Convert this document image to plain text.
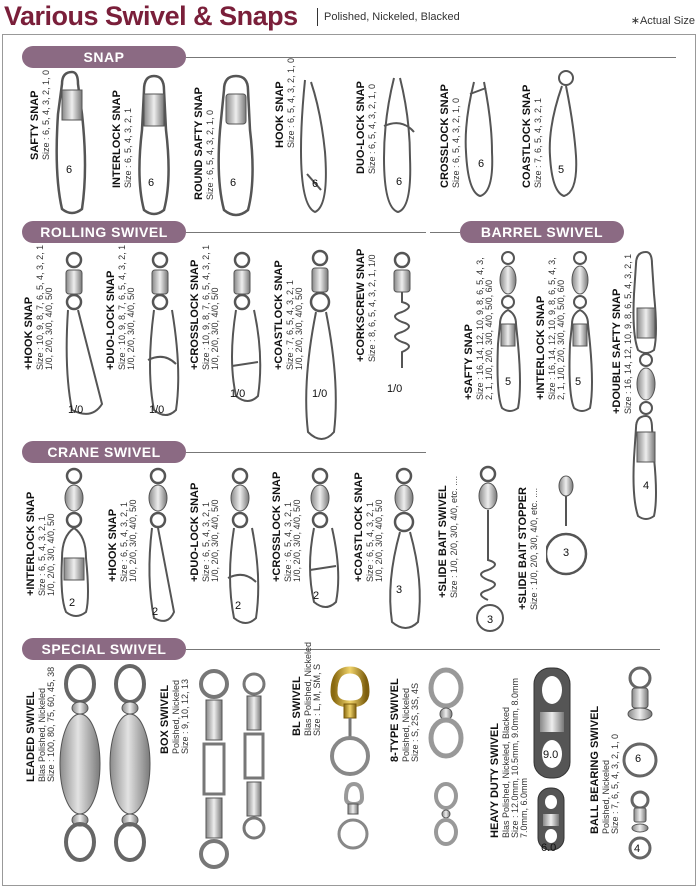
Various Swivel & Snaps	Polished, Nickeled, Blacked	∗Actual Size
SNAP
SAFTY SNAP Size : 6, 5, 4, 3, 2, 1, 0
6	INTERLOCK SNAP Size : 6, 5, 4, 3, 2, 1 6	ROUND SAFTY SNAP Size : 6, 5, 4, 3, 2, 1, 0 6
HOOK SNAP Size : 6, 5, 4, 3, 2, 1, 0
6
DUO-LOCK SNAP Size : 6, 5, 4, 3, 2, 1, 0
6	CROSSLOCK SNAP Size : 6, 5, 4, 3, 2, 1, 0 6	COASTLOCK SNAP Size : 7, 6, 5, 4, 3, 2, 1 5
ROLLING SWIVEL
+HOOK SNAP Size : 10, 9, 8, 7, 6, 5, 4, 3, 2, 1 1/0, 2/0, 3/0, 4/0, 5/0
1/0
+DUO-LOCK SNAP Size : 10, 9, 8, 7, 6, 5, 4, 3, 2, 1 1/0, 2/0, 3/0, 4/0, 5/0
1/0
+CROSSLOCK SNAP Size : 10, 9, 8, 7, 6, 5, 4, 3, 2, 1 1/0, 2/0, 3/0, 4/0, 5/0
1/0
+COASTLOCK SNAP Size : 7, 6, 5, 4, 3, 2, 1 1/0, 2/0, 3/0, 4/0, 5/0
1/0
+CORKSCREW SNAP Size : 8, 6, 5, 4, 3, 2, 1, 1/0
1/0
BARREL SWIVEL
+SAFTY SNAP Size : 16, 14, 12, 10, 9, 8, 6, 5, 4, 3, 2, 1, 1/0, 2/0, 3/0, 4/0, 5/0, 6/0 5 +INTERLOCK SNAP Size : 16, 14, 12, 10, 9, 8, 6, 5, 4, 3, 2, 1, 1/0, 2/0, 3/0, 4/0, 5/0, 6/0 5	+DOUBLE SAFTY SNAP Size : 16, 14, 12, 10, 9, 8, 6, 5, 4, 3, 2, 1
4
CRANE SWIVEL
+INTERLOCK SNAP Size : 6, 5, 4, 3, 2, 1 1/0, 2/0, 3/0, 4/0, 5/0
2
+HOOK SNAP Size : 6, 5, 4, 3, 2, 1 1/0, 2/0, 3/0, 4/0, 5/0
2
+DUO-LOCK SNAP Size : 6, 5, 4, 3, 2, 1 1/0, 2/0, 3/0, 4/0, 5/0
2
+CROSSLOCK SNAP Size : 6, 5, 4, 3, 2, 1 1/0, 2/0, 3/0, 4/0, 5/0
2
+COASTLOCK SNAP Size : 6, 5, 4, 3, 2, 1 1/0, 2/0, 3/0, 4/0, 5/0
3	+SLIDE BAIT SWIVEL Size : 1/0, 2/0, 3/0, 4/0, etc. ....
3
+SLIDE BAIT STOPPER Size : 1/0, 2/0, 3/0, 4/0, etc. .... 3
SPECIAL SWIVEL
LEADED SWIVEL Blas Polished, Nickeled Size : 100, 80, 75, 60, 45, 38	BOX SWIVEL Polished, Nickeled Size : 9, 10, 12, 13	BL SWIVEL Blas Polished, Nickeled Size : L, M, SM, S	8-TYPE SWIVEL Polished, Nickeled Size : S, 2S, 3S, 4S
HEAVY DUTY SWIVEL Blas Polished, Nickeled, Blacked Size : 12.0mm, 10.5mm, 9.0mm, 8.0mm 7.0mm, 6.0mm
9.0
6.0
BALL BEARING SWIVEL Polished, Nickeled Size : 7, 6, 5, 4, 3, 2, 1, 0 6
4
